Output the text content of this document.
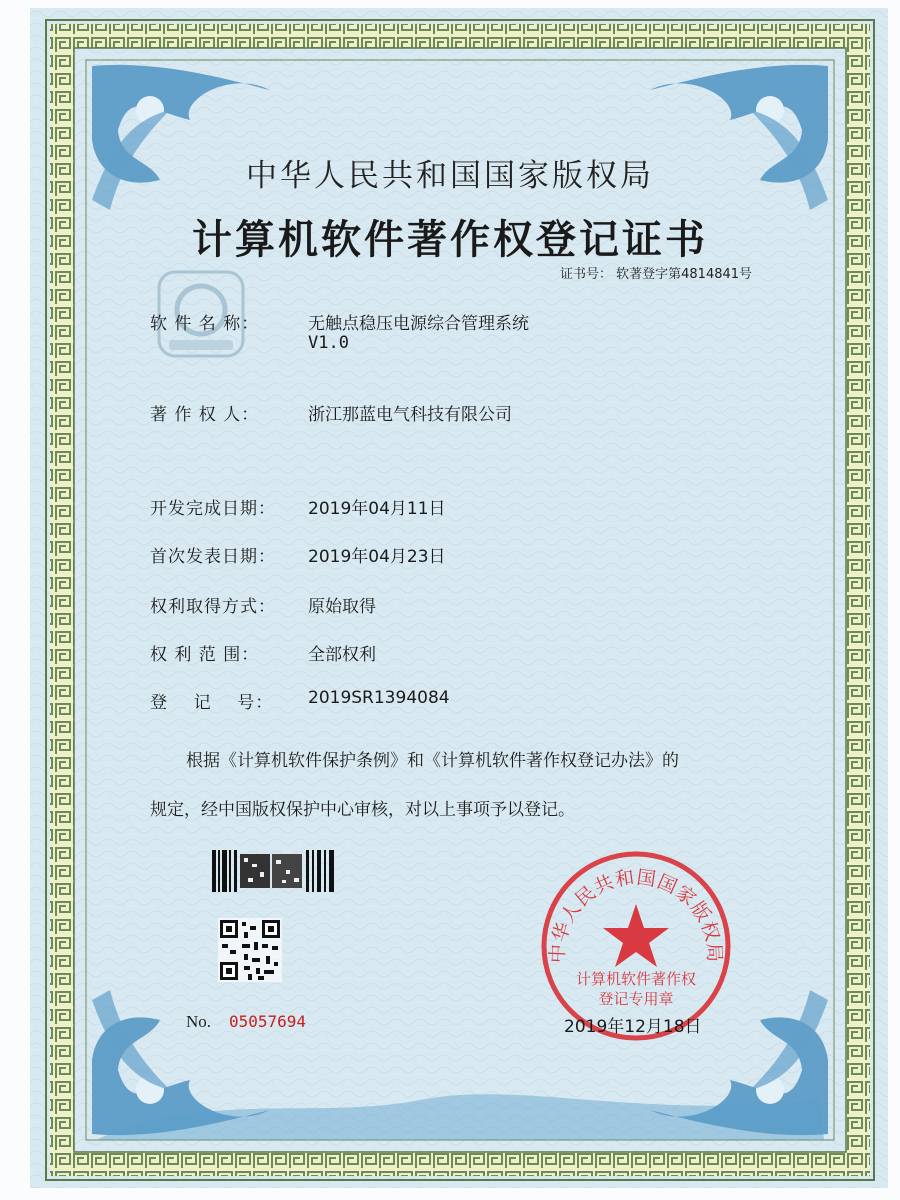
中华人民共和国国家版权局
计算机软件著作权登记证书
证书号： 软著登字第4814841号
软 件 名 称：	无触点稳压电源综合管理系统
V1.0
著 作 权 人：	浙江那蓝电气科技有限公司
开发完成日期： 2019年04月11日
首次发表日期： 2019年04月23日
权利取得方式： 原始取得
权 利 范 围：	全部权利
登    记    号： 2019SR1394084
根据《计算机软件保护条例》和《计算机软件著作权登记办法》的
规定，经中国版权保护中心审核，对以上事项予以登记。
No. 05057694
中华人民共和国国家版权局
计算机软件著作权
登记专用章
2019年12月18日
